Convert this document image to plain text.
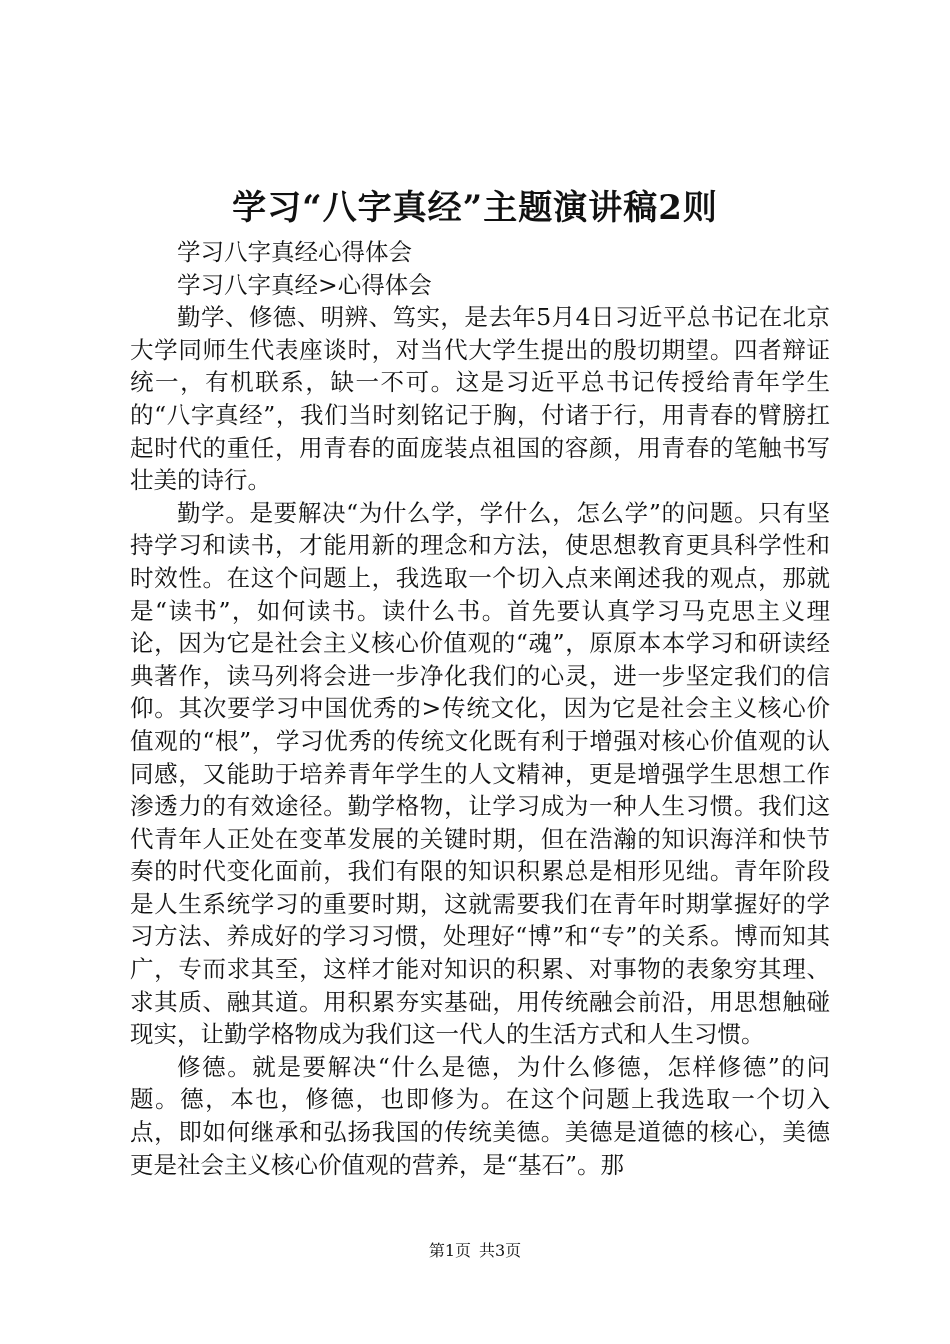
学习“八字真经”主题演讲稿2则

学习八字真经心得体会

学习八字真经>心得体会

勤学、修德、明辨、笃实，是去年5月4日习近平总书记在北京大学同师生代表座谈时，对当代大学生提出的殷切期望。四者辩证统一，有机联系，缺一不可。这是习近平总书记传授给青年学生的“八字真经”，我们当时刻铭记于胸，付诸于行，用青春的臂膀扛起时代的重任，用青春的面庞装点祖国的容颜，用青春的笔触书写壮美的诗行。

勤学。是要解决“为什么学，学什么，怎么学”的问题。只有坚持学习和读书，才能用新的理念和方法，使思想教育更具科学性和时效性。在这个问题上，我选取一个切入点来阐述我的观点，那就是“读书”，如何读书。读什么书。首先要认真学习马克思主义理论，因为它是社会主义核心价值观的“魂”，原原本本学习和研读经典著作，读马列将会进一步净化我们的心灵，进一步坚定我们的信仰。其次要学习中国优秀的>传统文化，因为它是社会主义核心价值观的“根”，学习优秀的传统文化既有利于增强对核心价值观的认同感，又能助于培养青年学生的人文精神，更是增强学生思想工作渗透力的有效途径。勤学格物，让学习成为一种人生习惯。我们这代青年人正处在变革发展的关键时期，但在浩瀚的知识海洋和快节奏的时代变化面前，我们有限的知识积累总是相形见绌。青年阶段是人生系统学习的重要时期，这就需要我们在青年时期掌握好的学习方法、养成好的学习习惯，处理好“博”和“专”的关系。博而知其广，专而求其至，这样才能对知识的积累、对事物的表象穷其理、求其质、融其道。用积累夯实基础，用传统融会前沿，用思想触碰现实，让勤学格物成为我们这一代人的生活方式和人生习惯。

修德。就是要解决“什么是德，为什么修德，怎样修德”的问题。德，本也，修德，也即修为。在这个问题上我选取一个切入点，即如何继承和弘扬我国的传统美德。美德是道德的核心，美德更是社会主义核心价值观的营养，是“基石”。那

第1页 共3页
